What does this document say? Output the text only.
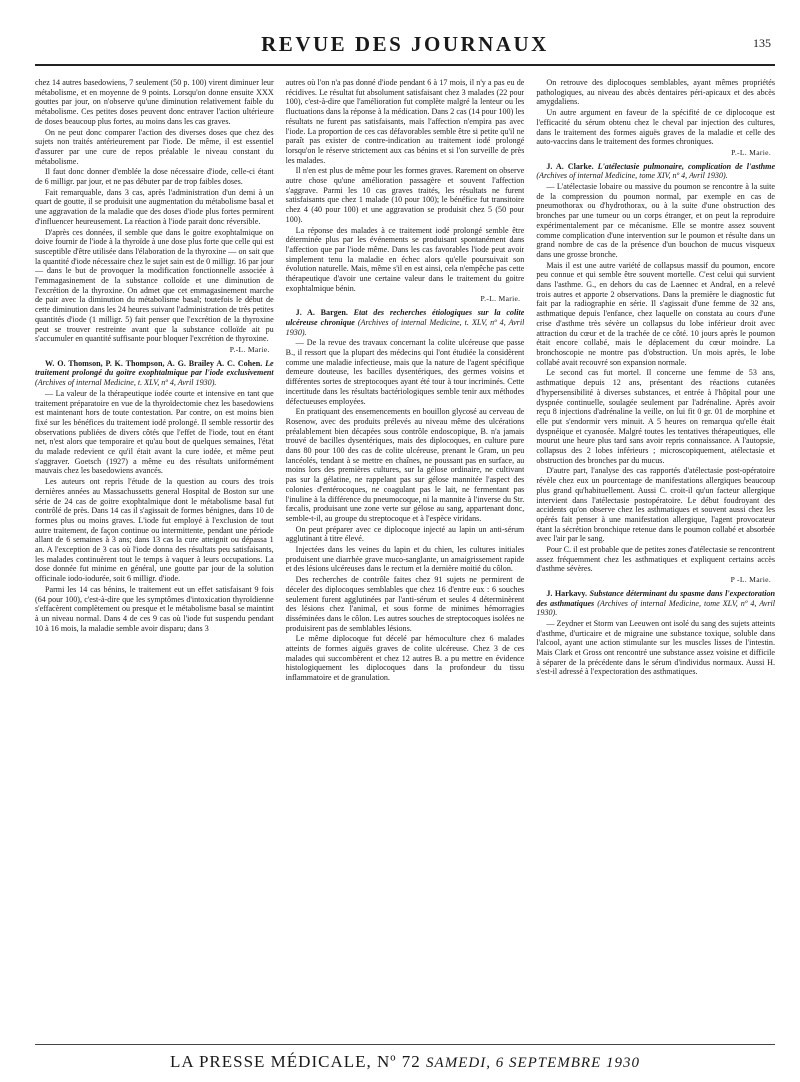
REVUE DES JOURNAUX	135

chez 14 autres basedowiens, 7 seulement (50 p. 100) virent diminuer leur métabolisme, et en moyenne de 9 points. Lorsqu'on donne ensuite XXX gouttes par jour, on n'observe qu'une diminution relativement faible du métabolisme. Ces petites doses peuvent donc entraver l'action ultérieure de doses beaucoup plus fortes, au moins dans les cas graves.

On ne peut donc comparer l'action des diverses doses que chez des sujets non traités antérieurement par l'iode. De même, il est essentiel d'assurer par une cure de repos préalable le niveau constant du métabolisme.

Il faut donc donner d'emblée la dose nécessaire d'iode, celle-ci étant de 6 milligr. par jour, et ne pas débuter par de trop faibles doses.

Fait remarquable, dans 3 cas, après l'administration d'un demi à un quart de goutte, il se produisit une augmentation du métabolisme basal et une aggravation de la maladie que des doses d'iode plus fortes permirent d'influencer heureusement. La réaction à l'iode parait donc réversible.

D'après ces données, il semble que dans le goitre exophtalmique on doive fournir de l'iode à la thyroïde à une dose plus forte que celle qui est susceptible d'être utilisée dans l'élaboration de la thyroxine — on sait que la quantité d'iode nécessaire chez le sujet sain est de 0 milligr. 16 par jour — dans le but de provoquer la modification fonctionnelle associée à l'emmagasinement de la substance colloïde et une diminution de l'excrétion de la thyroxine. On admet que cet emmagasinement marche de pair avec la diminution du métabolisme basal; toutefois le début de cette diminution dans les 24 heures suivant l'administration de très petites quantités d'iode (1 milligr. 5) fait penser que l'excrétion de la thyroxine peut se trouver restreinte avant que la substance colloïde ait pu s'accumuler en quantité suffisante pour bloquer l'excrétion de thyroxine.

P.-L. Marie.

W. O. Thomson, P. K. Thompson, A. G. Brailey A. C. Cohen. Le traitement prolongé du goitre exophtalmique par l'iode exclusivement (Archives of internal Medicine, t. XLV, nº 4, Avril 1930).

— La valeur de la thérapeutique iodée courte et intensive en tant que traitement préparatoire en vue de la thyroïdectomie chez les basedowiens est maintenant hors de toute contestation. Par contre, on est moins bien fixé sur les bénéfices du traitement iodé prolongé. Il semble ressortir des observations publiées de divers côtés que l'effet de l'iode, tout en étant net, n'est alors que temporaire et qu'au bout de quelques semaines, l'état du malade redevient ce qu'il était avant la cure iodée, et même peut s'aggraver. Goetsch (1927) a même eu des résultats uniformément mauvais chez les basedowiens avancés.

Les auteurs ont repris l'étude de la question au cours des trois dernières années au Massachussetts general Hospital de Boston sur une série de 24 cas de goitre exophtalmique dont le métabolisme basal fut contrôlé de près. Dans 14 cas il s'agissait de formes bénignes, dans 10 de formes plus ou moins graves. L'iode fut employé à l'exclusion de tout autre traitement, de façon continue ou intermittente, pendant une période allant de 6 semaines à 3 ans; dans 13 cas la cure atteignit ou dépassa 1 an. A l'exception de 3 cas où l'iode donna des résultats peu satisfaisants, les malades continuèrent tout le temps à vaquer à leurs occupations. La dose donnée fut minime en général, une goutte par jour de la solution officinale iodo-iodurée, soit 6 milligr. d'iode.

Parmi les 14 cas bénins, le traitement eut un effet satisfaisant 9 fois (64 pour 100), c'est-à-dire que les symptômes d'intoxication thyroïdienne s'effacèrent complètement ou presque et le métabolisme basal se maintint à un niveau normal. Dans 4 de ces 9 cas où l'iode fut suspendu pendant 10 à 16 mois, la maladie semble avoir disparu; dans 3

autres où l'on n'a pas donné d'iode pendant 6 à 17 mois, il n'y a pas eu de récidives. Le résultat fut absolument satisfaisant chez 3 malades (22 pour 100), c'est-à-dire que l'amélioration fut complète malgré la lenteur ou les fluctuations dans la réponse à la médication. Dans 2 cas (14 pour 100) les résultats ne furent pas satisfaisants, mais l'affection n'empira pas avec l'iode. La proportion de ces cas défavorables semble être si petite qu'il ne paraît pas exister de contre-indication au traitement iodé prolongé lorsqu'on le réserve strictement aux cas bénins et si l'on surveille de près les malades.

Il n'en est plus de même pour les formes graves. Rarement on observe autre chose qu'une amélioration passagère et souvent l'affection s'aggrave. Parmi les 10 cas graves traités, les résultats ne furent satisfaisants que chez 1 malade (10 pour 100); le bénéfice fut transitoire chez 4 (40 pour 100) et une aggravation se produisit chez 5 (50 pour 100).

La réponse des malades à ce traitement iodé prolongé semble être déterminée plus par les événements se produisant spontanément dans l'affection que par l'iode même. Dans les cas favorables l'iode peut avoir simplement tenu la maladie en échec alors qu'elle poursuivait son évolution naturelle. Mais, même s'il en est ainsi, cela n'empêche pas cette thérapeutique d'avoir une certaine valeur dans le traitement du goitre exophtalmique bénin.

P.-L. Marie.

J. A. Bargen. Etat des recherches étiologiques sur la colite ulcéreuse chronique (Archives of internal Medicine, t. XLV, nº 4, Avril 1930).

— De la revue des travaux concernant la colite ulcéreuse que passe B., il ressort que la plupart des médecins qui l'ont étudiée la considèrent comme une maladie infectieuse, mais que la nature de l'agent spécifique demeure douteuse, les bacilles dysentériques, des germes voisins et différentes sortes de streptocoques ayant été tour à tour incriminés. Cette incertitude dans les résultats bactériologiques semble tenir aux méthodes défectueuses employées.

En pratiquant des ensemencements en bouillon glycosé au cerveau de Rosenow, avec des produits prélevés au niveau même des ulcérations préalablement bien décapées sous contrôle endoscopique, B. n'a jamais trouvé de bacilles dysentériques, mais des diplocoques, en culture pure dans 80 pour 100 des cas de colite ulcéreuse, prenant le Gram, un peu lancéolés, tendant à se mettre en chaînes, ne poussant pas en surface, au moins lors des premières cultures, sur la gélose ordinaire, ne cultivant pas sur la gélatine, ne rappelant pas sur gélose mannitée l'aspect des colonies d'entérocoques, ne coagulant pas le lait, ne fermentant pas l'inuline à la différence du pneumocoque, ni la mannite à l'inverse du Str. fæcalis, produisant une zone verte sur gélose au sang, appartenant donc, semble-t-il, au groupe du streptocoque et à l'espèce viridans.

On peut préparer avec ce diplocoque injecté au lapin un anti-sérum agglutinant à titre élevé.

Injectées dans les veines du lapin et du chien, les cultures initiales produisent une diarrhée grave muco-sanglante, un amaigrissement rapide et des lésions ulcéreuses dans le rectum et la dernière moitié du côlon.

Des recherches de contrôle faites chez 91 sujets ne permirent de déceler des diplocoques semblables que chez 16 d'entre eux : 6 souches seulement furent agglutinées par l'anti-sérum et seules 4 déterminèrent des lésions chez l'animal, et sous forme de minimes hémorragies disséminées dans le côlon. Les autres souches de streptocoques isolées ne produisirent pas de semblables lésions.

Le même diplocoque fut décelé par hémoculture chez 6 malades atteints de formes aiguës graves de colite ulcéreuse. Chez 3 de ces malades qui succombèrent et chez 12 autres B. a pu mettre en évidence histologiquement les diplocoques dans la profondeur du tissu inflammatoire et de granulation.

On retrouve des diplocoques semblables, ayant mêmes propriétés pathologiques, au niveau des abcès dentaires péri-apicaux et des abcès amygdaliens.

Un autre argument en faveur de la spécifité de ce diplocoque est l'efficacité du sérum obtenu chez le cheval par injection des cultures, dans le traitement des formes aiguës graves de la maladie et celle des auto-vaccins dans le traitement des formes chroniques.

P.-L. Marie.

J. A. Clarke. L'atélectasie pulmonaire, complication de l'asthme (Archives of internal Medicine, tome XIV, nº 4, Avril 1930).

— L'atélectasie lobaire ou massive du poumon se rencontre à la suite de la compression du poumon normal, par exemple en cas de pneumothorax ou d'hydrothorax, ou à la suite d'une obstruction des bronches par une tumeur ou un corps étranger, et on peut la reproduire expérimentalement par ce mécanisme. Elle se montre assez souvent comme complication d'une intervention sur le poumon et résulte dans un grand nombre de cas de la présence d'un bouchon de mucus visqueux dans une grosse bronche.

Mais il est une autre variété de collapsus massif du poumon, encore peu connue et qui semble être souvent mortelle. C'est celui qui survient dans l'asthme. G., en dehors du cas de Laennec et Andral, en a relevé trois autres et apporte 2 observations. Dans la première le diagnostic fut fait par la radiographie en série. Il s'agissait d'une femme de 32 ans, asthmatique depuis l'enfance, chez laquelle on constata au cours d'une crise d'asthme très sévère un collapsus du lobe inférieur droit avec attraction du cœur et de la trachée de ce côté. 10 jours après le poumon était encore collabé, mais le déplacement du cœur moindre. La bronchoscopie ne montre pas d'obstruction. Un mois après, le lobe collabé avait recouvré son expansion normale.

Le second cas fut mortel. Il concerne une femme de 53 ans, asthmatique depuis 12 ans, présentant des réactions cutanées d'hypersensibilité à diverses substances, et entrée à l'hôpital pour une dyspnée continuelle, soulagée seulement par l'adrénaline. Après avoir reçu 8 injections d'adrénaline la veille, on lui fit 0 gr. 01 de morphine et elle put s'endormir vers minuit. A 5 heures on remarqua qu'elle était dyspnéique et cyanosée. Malgré toutes les tentatives thérapeutiques, elle mourut une heure plus tard sans avoir repris connaissance. A l'autopsie, collapsus des 2 lobes inférieurs ; microscopiquement, atélectasie et obstruction des bronches par du mucus.

D'autre part, l'analyse des cas rapportés d'atélectasie post-opératoire révèle chez eux un pourcentage de manifestations allergiques beaucoup plus grand qu'habituellement. Aussi C. croit-il qu'un facteur allergique intervient dans l'atélectasie postopératoire. Le début foudroyant des accidents qu'on observe chez les asthmatiques et souvent aussi chez les opérés fait penser à une manifestation allergique, l'agent provocateur étant la sécrétion bronchique retenue dans le poumon collabé et absorbée avec l'air par le sang.

Pour C. il est probable que de petites zones d'atélectasie se rencontrent assez fréquemment chez les asthmatiques et expliquent certains accès d'asthme sévères.

P -L. Marie.

J. Harkavy. Substance déterminant du spasme dans l'expectoration des asthmatiques (Archives of internal Medicine, tome XLV, nº 4, Avril 1930).

— Zeydner et Storm van Leeuwen ont isolé du sang des sujets atteints d'asthme, d'urticaire et de migraine une substance toxique, soluble dans l'alcool, ayant une action stimulante sur les muscles lisses de l'intestin. Mais Clark et Gross ont rencontré une substance assez voisine et difficile à séparer de la précédente dans le sérum d'individus normaux. Aussi H. s'est-il adressé à l'expectoration des asthmatiques.

LA PRESSE MÉDICALE, Nº 72 SAMEDI, 6 SEPTEMBRE 1930
